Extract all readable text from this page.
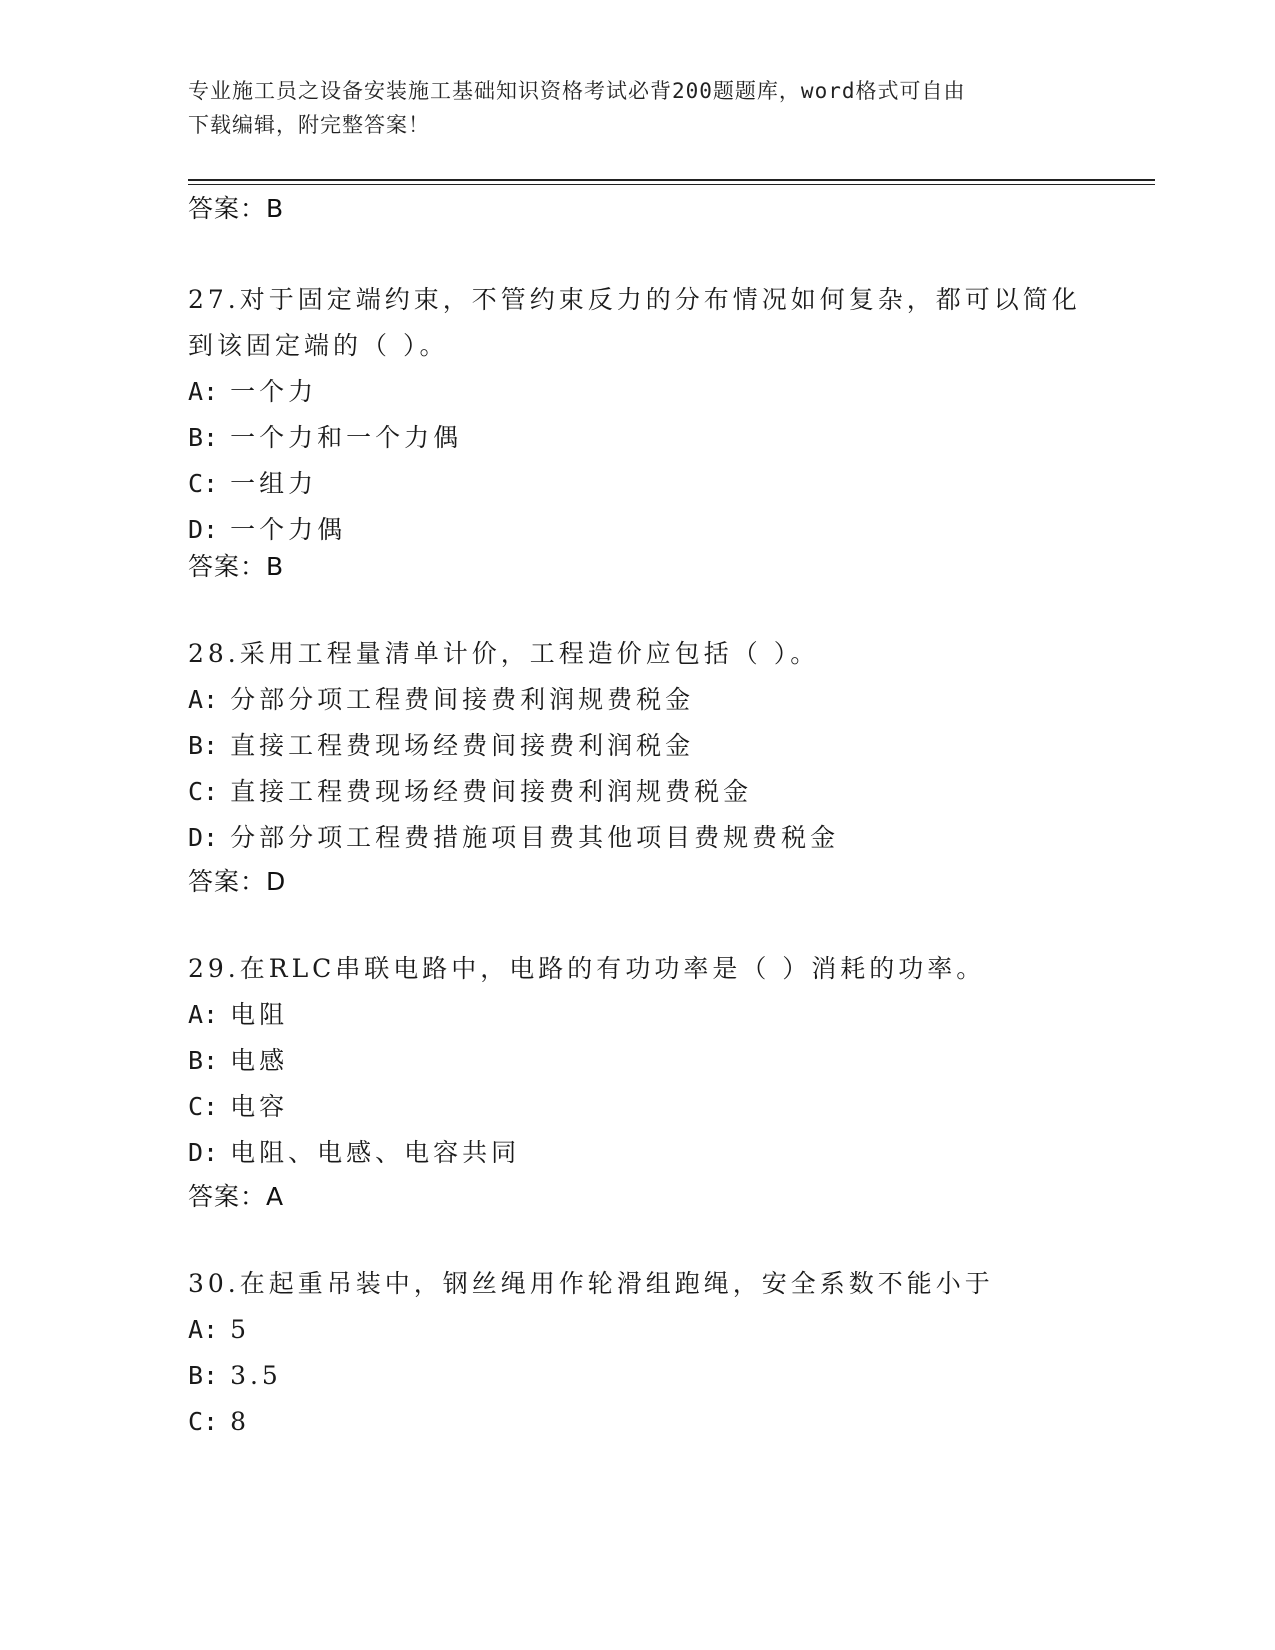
专业施工员之设备安装施工基础知识资格考试必背200题题库，word格式可自由
下载编辑，附完整答案！
答案：B
27.对于固定端约束，不管约束反力的分布情况如何复杂，都可以简化
到该固定端的（ ）。
A: 一个力
B: 一个力和一个力偶
C: 一组力
D: 一个力偶
答案：B
28.采用工程量清单计价，工程造价应包括（ ）。
A: 分部分项工程费间接费利润规费税金
B: 直接工程费现场经费间接费利润税金
C: 直接工程费现场经费间接费利润规费税金
D: 分部分项工程费措施项目费其他项目费规费税金
答案：D
29.在RLC串联电路中，电路的有功功率是（ ）消耗的功率。
A: 电阻
B: 电感
C: 电容
D: 电阻、电感、电容共同
答案：A
30.在起重吊装中，钢丝绳用作轮滑组跑绳，安全系数不能小于
A: 5
B: 3.5
C: 8
